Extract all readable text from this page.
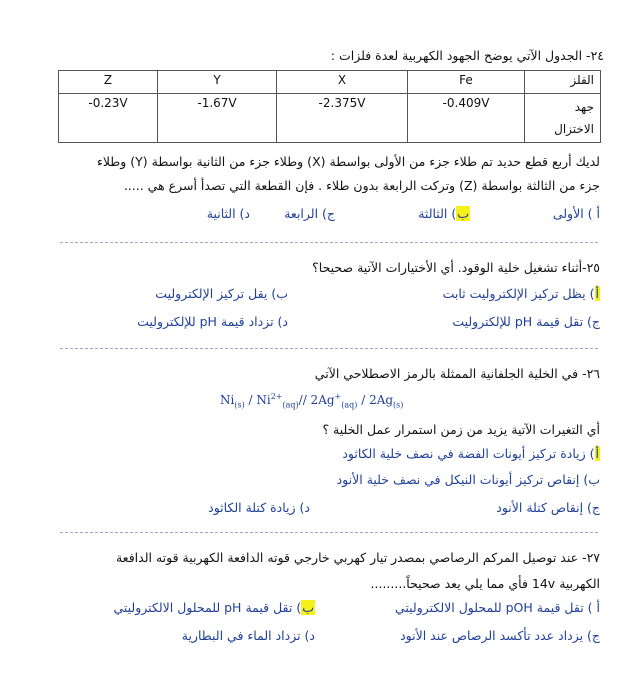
٢٤- الجدول الآتي يوضح الجهود الكهربية لعدة فلزات :
Z	Y	X	Fe	الفلز
-0.23V	-1.67V	-2.375V	-0.409V	جهد
الاختزال
لديك أربع قطع حديد تم طلاء جزء من الأولى بواسطة (X) وطلاء جزء من الثانية بواسطة (Y) وطلاء
جزء من الثالثة بواسطة (Z) وتركت الرابعة بدون طلاء . فإن القطعة التي تصدأ أسرع هي .....
أ ) الأولى
ب) الثالثة
ج) الرابعة
د) الثانية
٢٥-أثناء تشغيل خلية الوقود. أي الأختيارات الآتية صحيحا؟
أ) يظل تركيز الإلكتروليت ثابت
ب) يقل تركيز الإلكتروليت
ج) تقل قيمة pH للإلكتروليت
د) تزداد قيمة pH للإلكتروليت
٢٦- في الخلية الجلفانية الممثلة بالرمز الاصطلاحي الآتي
$Ni_{(s)} / Ni^{2+}_{(aq)}//$ $2Ag^+_{(aq)} / 2Ag_{(s)}$
أي التغيرات الآتية يزيد من زمن استمرار عمل الخلية ؟
أ) زيادة تركيز أيونات الفضة في نصف خلية الكاثود
ب) إنقاص تركيز أيونات النيكل في نصف خلية الأنود
ج) إنقاص كتلة الأنود
د) زيادة كتلة الكاثود
٢٧- عند توصيل المركم الرصاصي بمصدر تيار كهربي خارجي قوته الدافعة الكهربية قوته الدافعة
الكهربية 14v فأي مما يلي يعد صحيحاً.........
أ ) تقل قيمة pOH للمحلول الالكتروليتي
ب) تقل قيمة pH للمحلول الالكتروليتي
ج) يزداد عدد تأكسد الرصاص عند الأنود
د) تزداد الماء في البطارية
